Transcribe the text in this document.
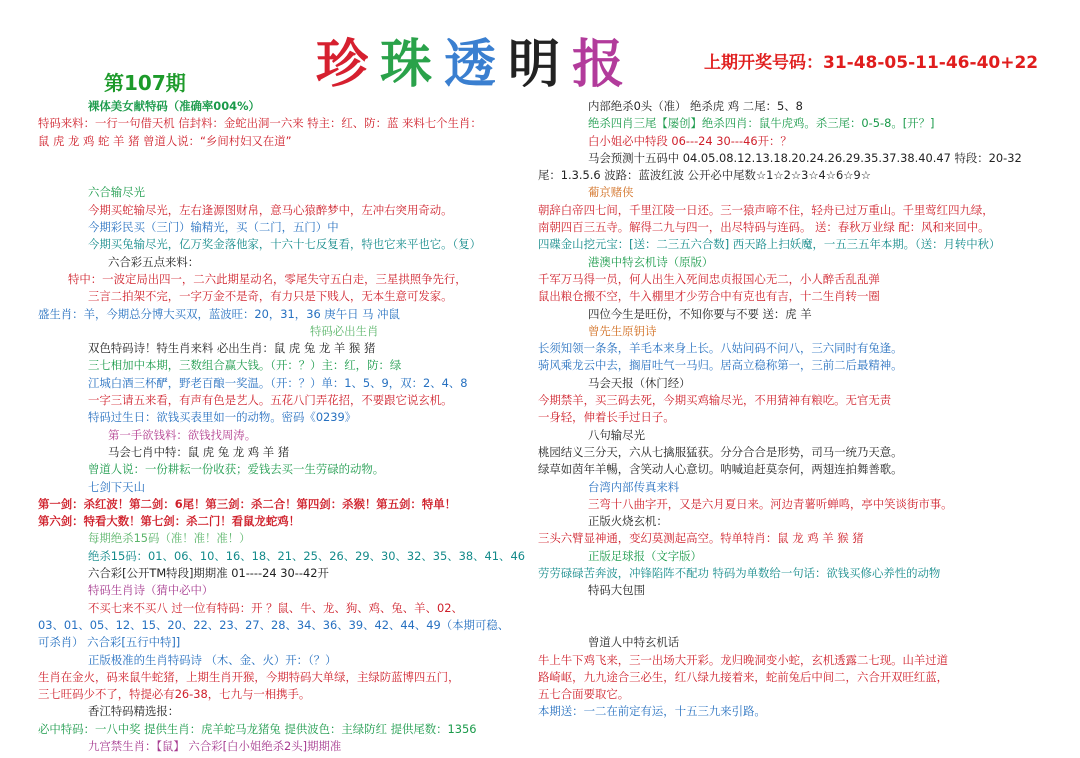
珍 珠 透 明 报	上期开奖号码：31-48-05-11-46-40+22
第107期
裸体美女献特码（准确率004%）
特码来料：一行一句借天机 信封料：金蛇出洞一六来 特主：红、防：蓝 来料七个生肖：
鼠 虎 龙 鸡 蛇 羊 猪 曾道人说：“乡间村妇又在道”
六合输尽光
今期买蛇输尽光，左右逢源图财帛，意马心猿醉梦中，左冲右突用奇动。
今期彩民买（三门）输精光，买（二门，五门）中
今期买兔输尽光，亿万奖金落他家，十六十七反复看，特也它来平也它。（复）
六合彩五点来料：
特中：一波定局出四一，二六此期星动名，零尾失守五白走，三星拱照争先行，
三言二拍架不完，一字万金不是奇，有力只是下贱人，无本生意可发家。
盛生肖：羊，今期总分博大买双，蓝波旺：20，31，36 庚午日 马 冲鼠
特码必出生肖
双色特码诗！特生肖来料 必出生肖：鼠 虎 兔 龙 羊 猴 猪
三七相加中本期，三数组合赢大钱。（开：？）主：红，防：绿
江城白酒三杯酽，野老百酿一奖温。（开：？）单：1、5、9，双：2、4、8
一字三请五来看，有声有色是艺人。五花八门弄花招，不要跟它说玄机。
特码过生日：欲钱买表里如一的动物。密码《0239》
第一手欲钱料：欲钱找周涛。
马会七肖中特：鼠 虎 兔 龙 鸡 羊 猪
曾道人说：一份耕耘一份收获；爱钱去买一生劳碌的动物。
七剑下天山
第一剑：杀红波！第二剑：6尾！第三剑：杀二合！第四剑：杀猴！第五剑：特单！
第六剑：特看大数！第七剑：杀二门！看鼠龙蛇鸡！
每期绝杀15码（准！准！准！）
绝杀15码：01、06、10、16、18、21、25、26、29、30、32、35、38、41、46
六合彩[公开TM特段]期期准 01----24 30--42开
特码生肖诗（猜中必中）
不买七来不买八 过一位有特码：开 ？鼠、牛、龙、狗、鸡、兔、羊、02、
03、01、05、12、15、20、22、23、27、28、34、36、39、42、44、49（本期可稳、
可杀肖） 六合彩[五行中特]]
正版极准的生肖特码诗 （木、金、火）开：（？）
生肖在金火，码来鼠牛蛇猪，上期生肖开猴，今期特码大单绿，主绿防蓝博四五门，
三七旺码少不了，特提必有26-38，七九与一相携手。
香江特码精选报：
必中特码：一八中奖 提供生肖：虎羊蛇马龙猪兔 提供波色：主绿防红 提供尾数：1356
九宫禁生肖：【鼠】 六合彩[白小姐绝杀2头]期期准
内部绝杀0头（准） 绝杀虎 鸡 二尾：5、8
绝杀四肖三尾【屡创】绝杀四肖：鼠牛虎鸡。杀三尾：0-5-8。[开？]
白小姐必中特段 06---24 30---46开：？
马会预测十五码中 04.05.08.12.13.18.20.24.26.29.35.37.38.40.47 特段：20-32
尾：1.3.5.6 波路：蓝波红波 公开必中尾数☆1☆2☆3☆4☆6☆9☆
葡京赌侠
朝辞白帝四七间，千里江陵一日还。三一猿声啼不住，轻舟已过万重山。千里莺红四九绿，
南朝四百三五寺。解得二九与四一，出尽特码与连码。 送：春秋万业绿 配：风和来回中。
四碟金山挖元宝：[送：二三五六合数] 西天路上扫妖魔，一五三五年本期。（送：月转中秋）
港澳中特玄机诗（原版）
千军万马得一员，何人出生入死间忠贞报国心无二，小人醉舌乱乱弹
鼠出粮仓搬不空，牛入棚里才少劳合中有克也有吉，十二生肖转一圈
四位今生是旺份，不知你要与不要 送：虎 羊
曾先生原钥诗
长须知领一条条，羊毛本来身上长。八姑问码不问八，三六同时有兔逢。
骑风乘龙云中去，搁眉吐气一马归。居高立稳称第一，三前二后最精神。
马会天报（休门经）
今期禁羊，买三码去死，今期买鸡输尽光，不用猜神有粮吃。无官无责
一身轻，伸着长手过日子。
八句输尽光
桃园结义三分天，六从七擒服猛获。分分合合是形势，司马一统乃天意。
绿草如茵年羊暢，含笑动人心意切。呐喊追赶莫奈何，两翅连拍舞善歌。
台湾内部传真来料
三弯十八曲字开，又是六月夏日来。河边青薯听蝉鸣，亭中笑谈街市事。
正版火烧玄机：
三头六臂显神通，变幻莫测起高空。特单特肖：鼠 龙 鸡 羊 猴 猪
正版足球报（文字版）
劳劳碌碌苦奔波，冲锋陷阵不配功 特码为单数给一句话：欲钱买修心养性的动物
特码大包围
曾道人中特玄机话
牛上牛下鸡飞来，三一出场大开彩。龙归晚洞变小蛇，玄机透露二七现。山羊过道
路崎岖，九九途合三必生，红八绿九接着来，蛇前兔后中间二，六合开双旺红蓝，
五七合面要取它。
本期送：一二在前定有运，十五三九来引路。
